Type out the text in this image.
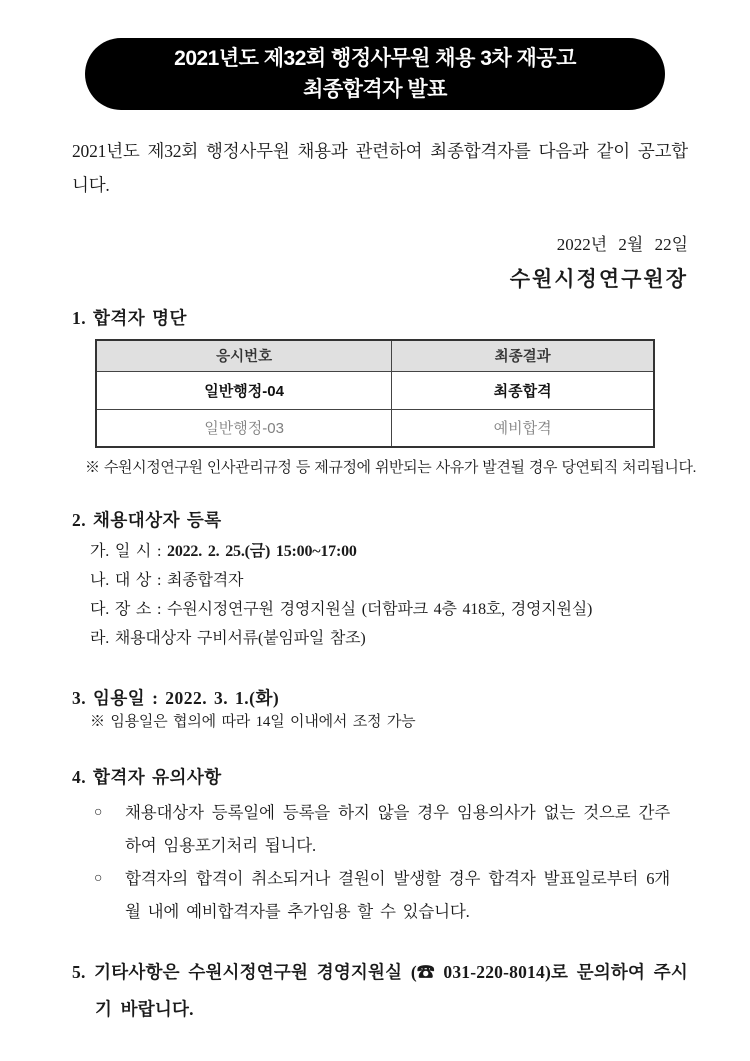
2021년도 제32회 행정사무원 채용 3차 재공고
최종합격자 발표

2021년도 제32회 행정사무원 채용과 관련하여 최종합격자를 다음과 같이 공고합니다.

2022년 2월 22일
수원시정연구원장
1. 합격자 명단
응시번호	최종결과
일반행정-04	최종합격
일반행정-03	예비합격
※ 수원시정연구원 인사관리규정 등 제규정에 위반되는 사유가 발견될 경우 당연퇴직 처리됩니다.
2. 채용대상자 등록
가. 일 시 : 2022. 2. 25.(금) 15:00~17:00
나. 대 상 : 최종합격자
다. 장 소 : 수원시정연구원 경영지원실 (더함파크 4층 418호, 경영지원실)
라. 채용대상자 구비서류(붙임파일 참조)
3. 임용일 : 2022. 3. 1.(화)
※ 임용일은 협의에 따라 14일 이내에서 조정 가능
4. 합격자 유의사항
○	채용대상자 등록일에 등록을 하지 않을 경우 임용의사가 없는 것으로 간주하여 임용포기처리 됩니다.
○	합격자의 합격이 취소되거나 결원이 발생할 경우 합격자 발표일로부터 6개월 내에 예비합격자를 추가임용 할 수 있습니다.
5. 기타사항은 수원시정연구원 경영지원실 (☎ 031-220-8014)로 문의하여 주시기 바랍니다.
